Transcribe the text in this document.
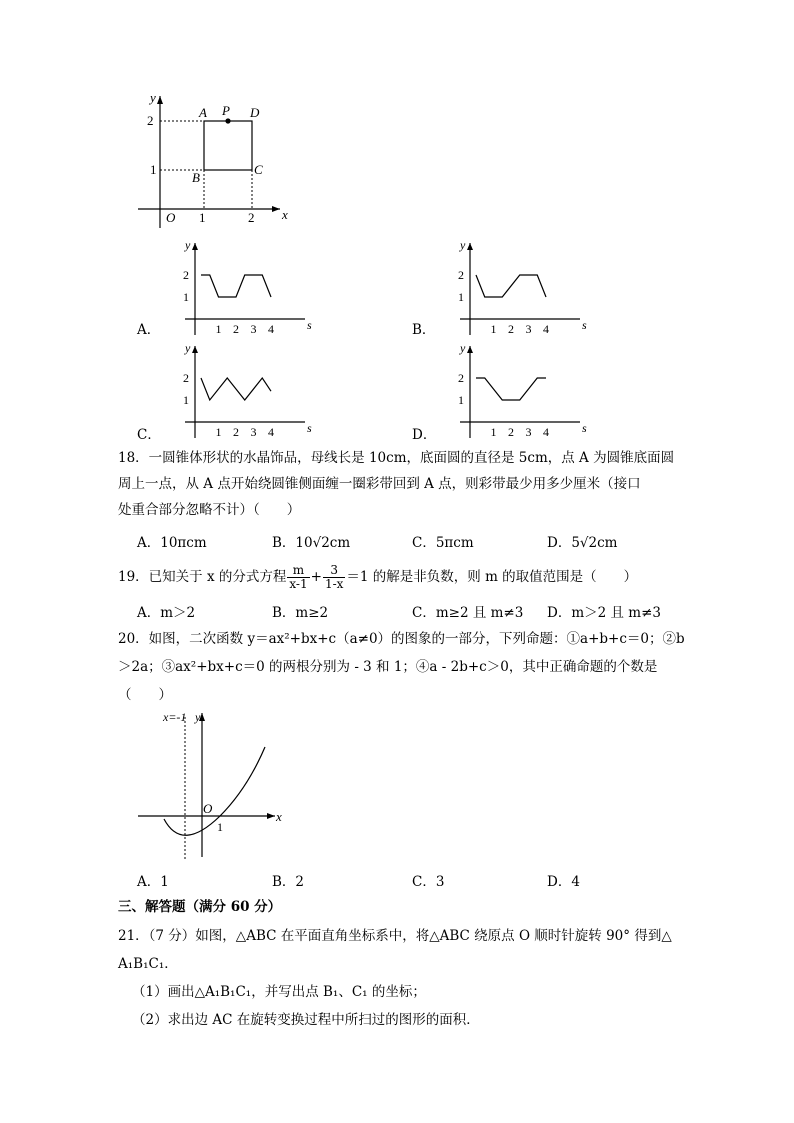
y
x
O
2
1
1	2
A P D
B
C
A．
y
s
2
1
1 2 3 4	B．
y
s
2
1
1 2 3 4
C．
y
s
2
1
1 2 3 4	D．
y
s
2
1
1 2 3 4
18．一圆锥体形状的水晶饰品，母线长是 10cm，底面圆的直径是 5cm，点 A 为圆锥底面圆
周上一点，从 A 点开始绕圆锥侧面缠一圈彩带回到 A 点，则彩带最少用多少厘米（接口
处重合部分忽略不计）（　　）
A．10πcm	B．10√2cm	C．5πcm	D．5√2cm
19．已知关于 x 的分式方程 $\frac{m}{x-1} + \frac{3}{1-x} =1$ 的解是非负数，则 m 的取值范围是（　　）
A．m＞2	B．m≥2	C．m≥2 且 m≠3 D．m＞2 且 m≠3
20．如图，二次函数 y＝ax²+bx+c（a≠0）的图象的一部分，下列命题：①a+b+c＝0；②b
＞2a；③ax²+bx+c＝0 的两根分别为 - 3 和 1；④a - 2b+c＞0，其中正确命题的个数是
（　　）
x=-1 y
x
O
1
A．1	B．2	C．3	D．4
三、解答题（满分 60 分）
21．（7 分）如图，△ABC 在平面直角坐标系中，将△ABC 绕原点 O 顺时针旋转 90° 得到△
A₁B₁C₁．
（1）画出△A₁B₁C₁，并写出点 B₁、C₁ 的坐标；
（2）求出边 AC 在旋转变换过程中所扫过的图形的面积．
